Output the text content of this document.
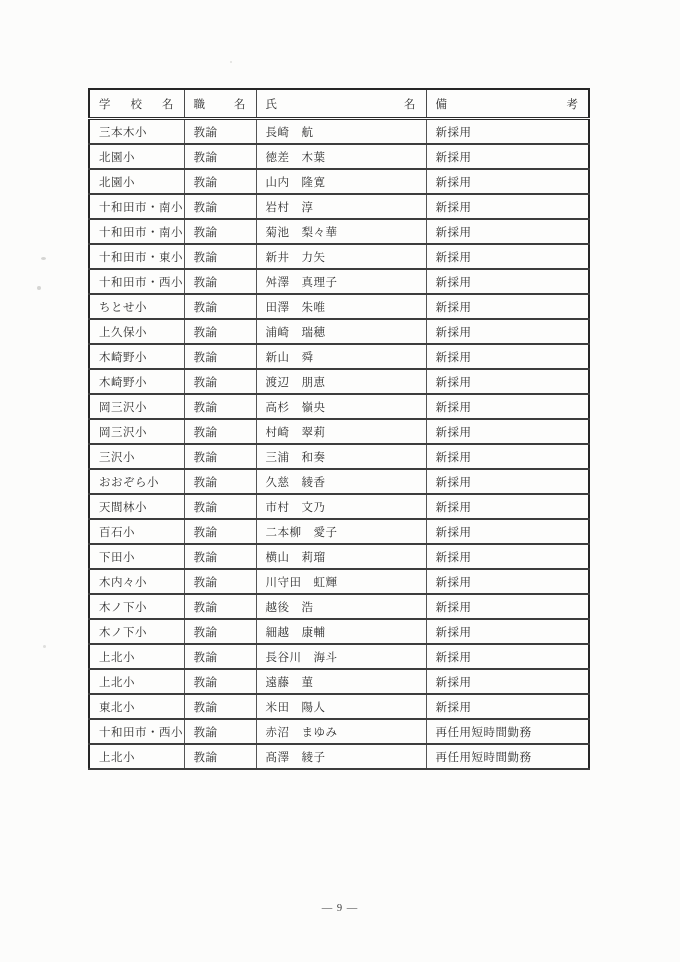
学校名	職名	氏名	備考
三本木小	教諭	長崎　航	新採用
北園小	教諭	徳差　木葉	新採用
北園小	教諭	山内　隆寛	新採用
十和田市・南小	教諭	岩村　淳	新採用
十和田市・南小	教諭	菊池　梨々華	新採用
十和田市・東小	教諭	新井　力矢	新採用
十和田市・西小	教諭	舛澤　真理子	新採用
ちとせ小	教諭	田澤　朱唯	新採用
上久保小	教諭	浦崎　瑞穂	新採用
木崎野小	教諭	新山　舜	新採用
木崎野小	教諭	渡辺　朋恵	新採用
岡三沢小	教諭	高杉　嶺央	新採用
岡三沢小	教諭	村崎　翠莉	新採用
三沢小	教諭	三浦　和奏	新採用
おおぞら小	教諭	久慈　綾香	新採用
天間林小	教諭	市村　文乃	新採用
百石小	教諭	二本柳　愛子	新採用
下田小	教諭	横山　莉瑠	新採用
木内々小	教諭	川守田　虹輝	新採用
木ノ下小	教諭	越後　浩	新採用
木ノ下小	教諭	細越　康輔	新採用
上北小	教諭	長谷川　海斗	新採用
上北小	教諭	遠藤　菫	新採用
東北小	教諭	米田　陽人	新採用
十和田市・西小	教諭	赤沼　まゆみ	再任用短時間勤務
上北小	教諭	髙澤　綾子	再任用短時間勤務
— 9 —
